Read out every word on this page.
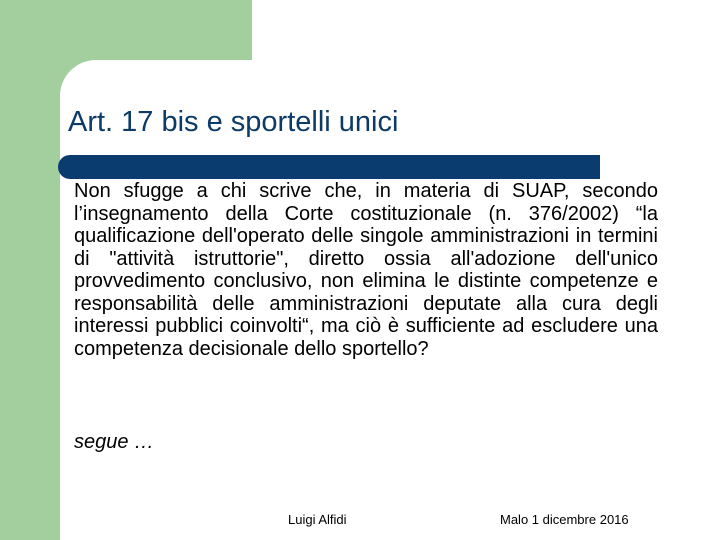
Art. 17 bis e sportelli unici

Non sfugge a chi scrive che, in materia di SUAP, secondo l’insegnamento della Corte costituzionale (n. 376/2002) “la qualificazione dell'operato delle singole amministrazioni in termini di "attività istruttorie", diretto ossia all'adozione dell'unico provvedimento conclusivo, non elimina le distinte competenze e responsabilità delle amministrazioni deputate alla cura degli interessi pubblici coinvolti“, ma ciò è sufficiente ad escludere una competenza decisionale dello sportello?

segue …

Luigi Alfidi	Malo 1 dicembre 2016
